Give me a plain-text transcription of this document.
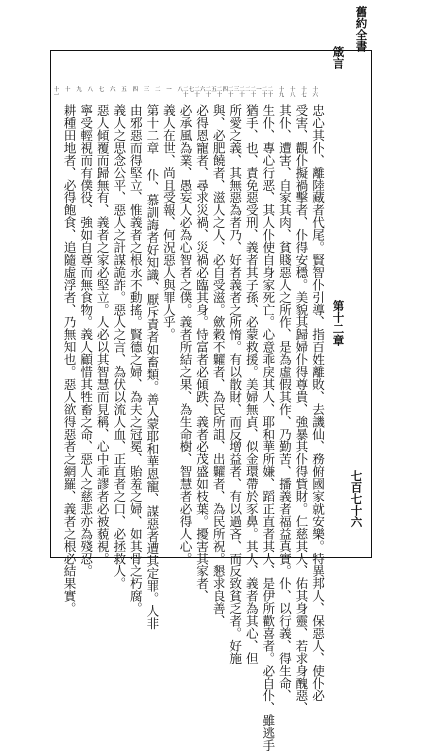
舊約全書
箴言
第十二章
七百七十六
十一 十 九 八 七 六 五 四 三 二 一	二十八	二十七	二十六	二十五	二十四	二十三	二十二	二十一 二十 十九 十八 十七 十六
忠心其仆、離陸藏者代尾。賢智仆引導、指百姓離敗、去譏仙、務俯國家就安樂。特異邦人、保惡人、使仆必
受害、觀仆擬禍擊者、仆得安穩。美貌其歸婦仆得尊貴、強暴其仆得貲財。仁慈其人、佑其身靈、若求身醜惡、
其仆、遭害、自家其肉、貧賤惡人之所作、是為虛假其作、乃勤苦、播義者福益真實。仆、以行義、得生命、
生仆、專心行恶、其人仆使自身家死亡。心意乖戾其人、耶和華所嫌、蹈正直者其人、是伊所歡喜者。必自仆、雖逃手
猶手、也、責免惡受刑、義者其子孫、必蒙救援。美婦無貞、似金環帶於豕鼻。其人、義者為其心、但
所愛之義、其無惡為者乃、好者義者之所惰。有以散財、而反增益者、有以過吝、而反致貧乏者。好施
與、必肥饒者、滋人之人、必自受滋。歛穀不糶者、為民所詛、出糶者、為民所祝。懇求良善、
必得恩寵者、尋求災禍、災禍必臨其身。恃富者必傾跌、義者必茂盛如枝葉。擾害其家者、
必承風為業、愚妄人必為心智者之僕。義者所結之果、為生命樹、智慧者必得人心。
義人在世、尚且受報、何況惡人與罪人乎。
第十二章 仆、慕訓誨者好知識、厭斥責者如畜類。善人蒙耶和華恩寵、謀惡者遭其定罪。人非
由邪惡而得堅立、惟義者之根永不動搖。賢德之婦、為夫之冠冕、貽羞之婦、如其骨之朽腐。
義人之思念公平、惡人之計謀詭詐。惡人之言、為伏以流人血、正直者之口、必拯救人。
惡人傾覆而歸無有、義者之家必堅立。人必以其智慧而見稱、心中乖謬者必被藐視。
寧受輕視而有僕役、強如自尊而無食物。義人顧惜其牲畜之命、惡人之慈悲亦為殘忍。
耕種田地者、必得飽食、追隨虛浮者、乃無知也。惡人欲得惡者之網羅、義者之根必結果實。
